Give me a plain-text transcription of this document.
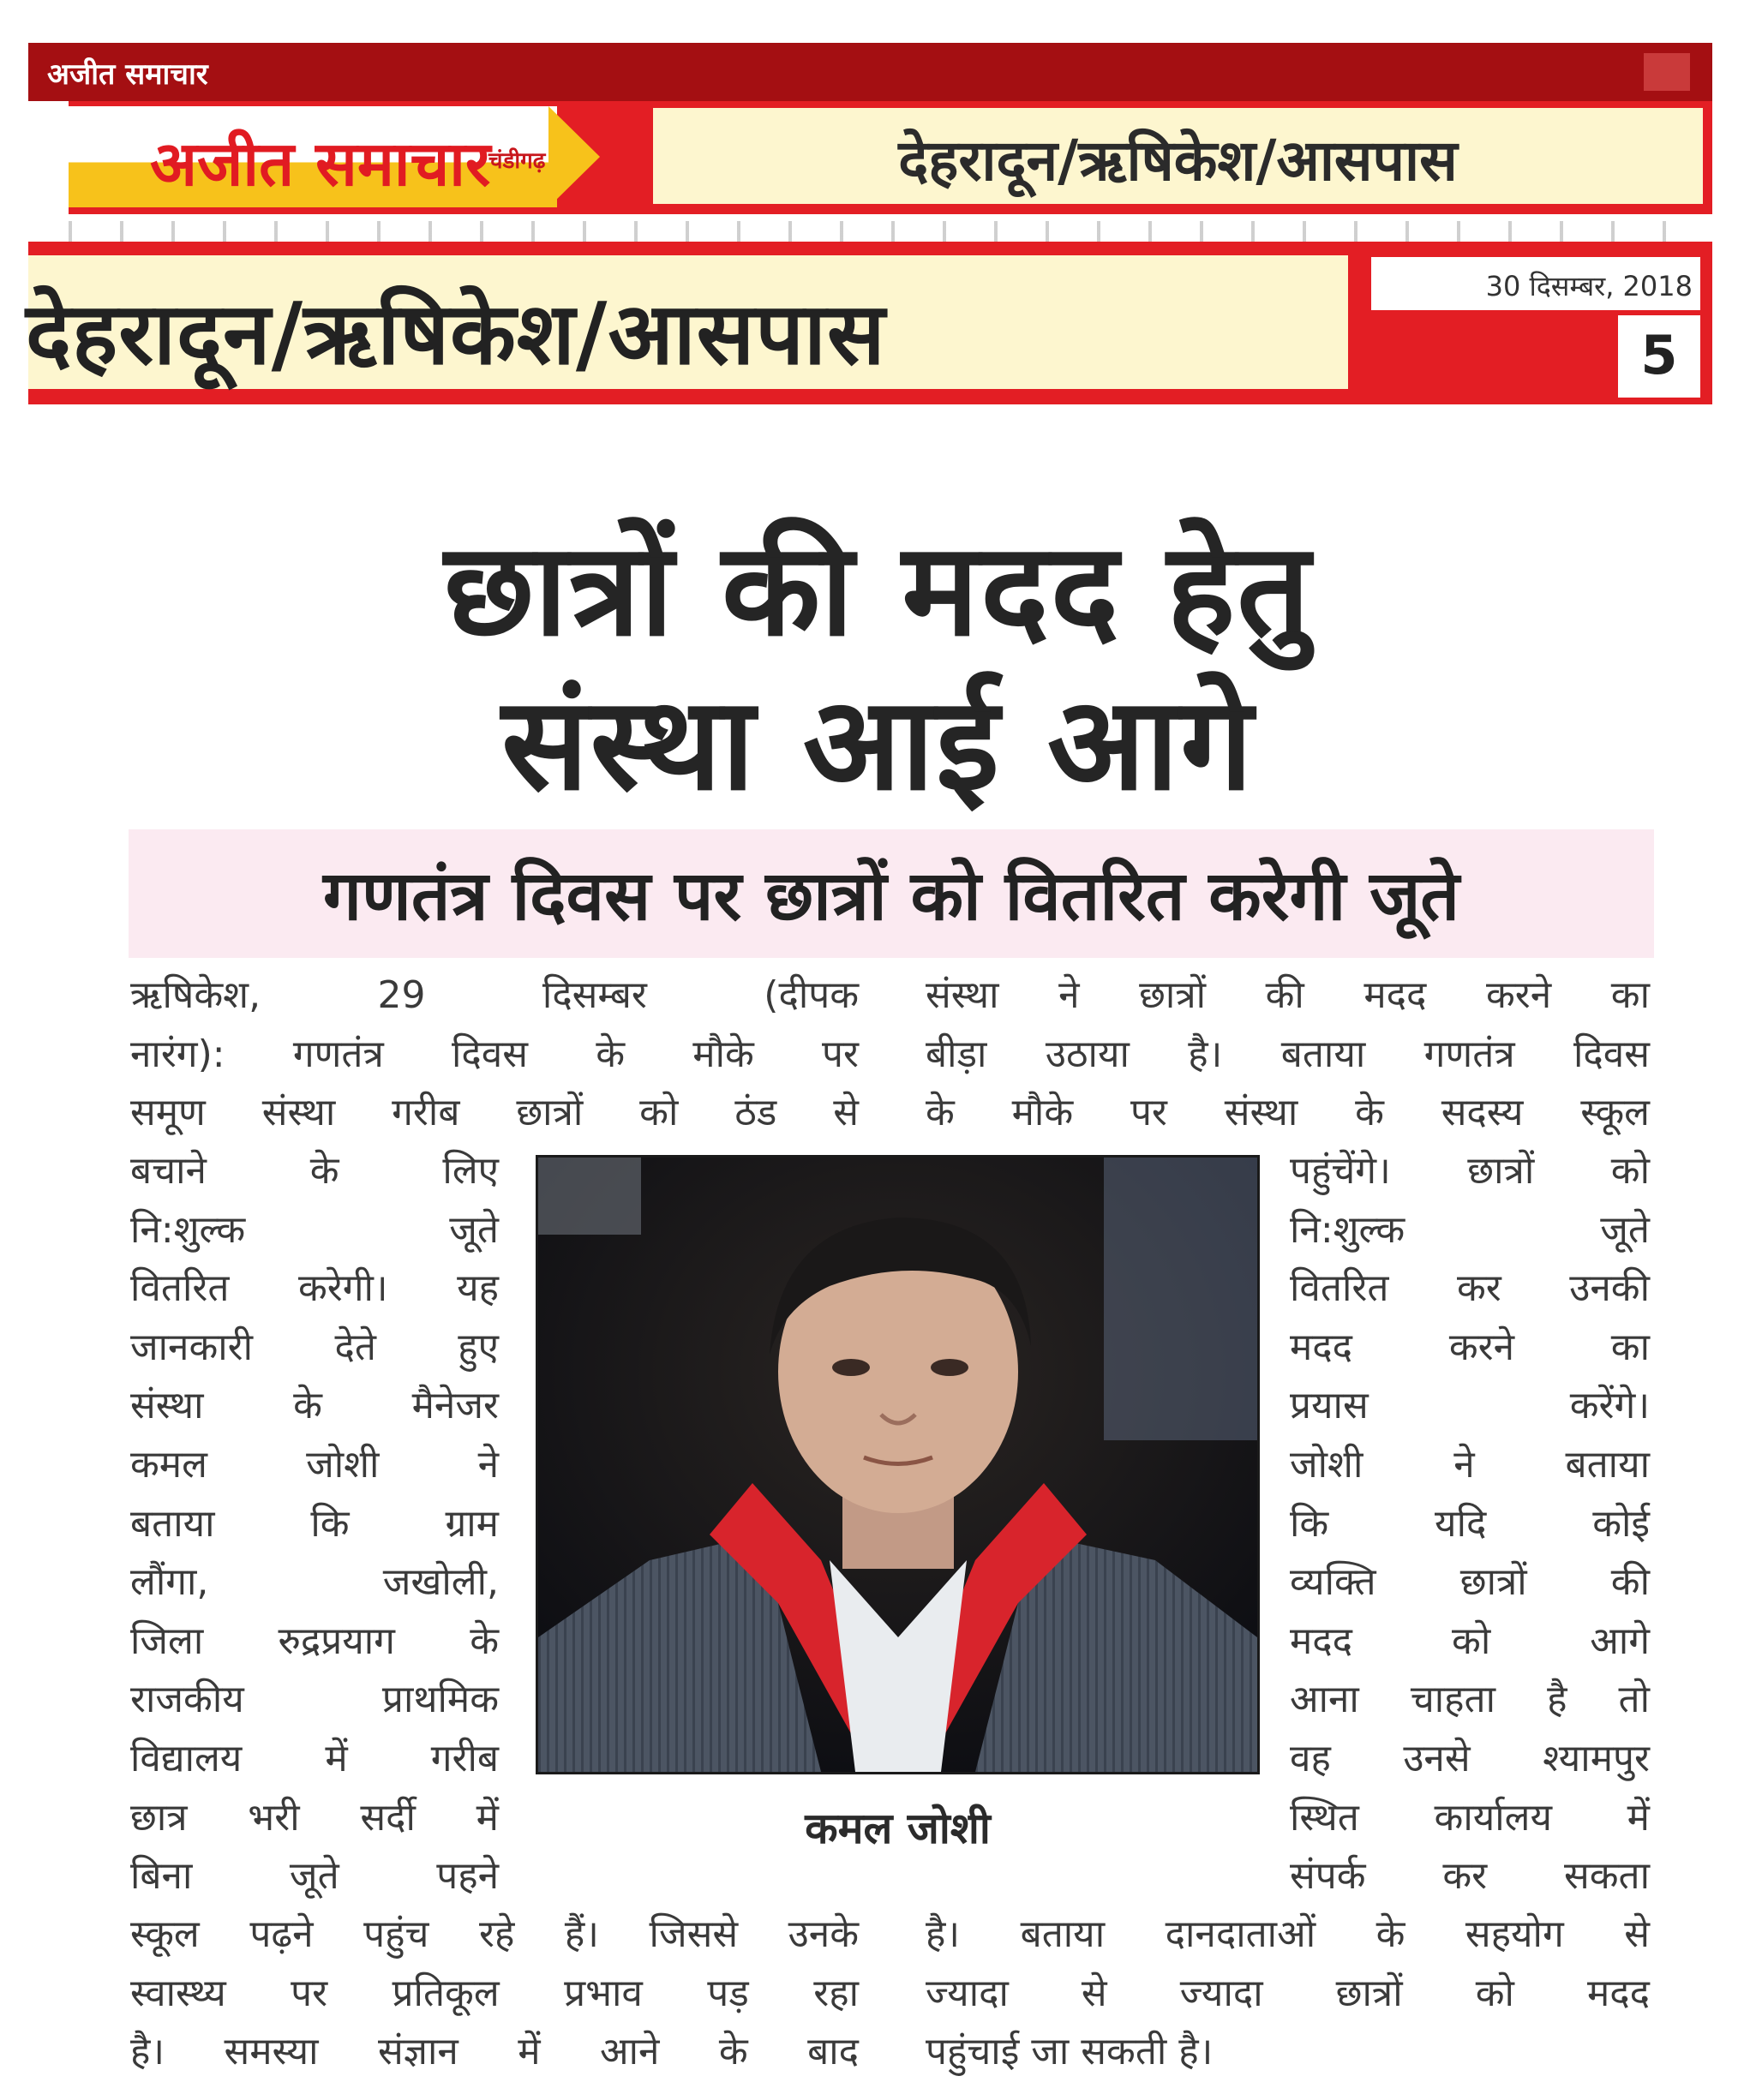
अजीत समाचार
अजीत समाचार
चंडीगढ़	देहरादून/ऋषिकेश/आसपास
देहरादून/ऋषिकेश/आसपास	30 दिसम्बर, 2018
5
छात्रों की मदद हेतु
संस्था आई आगे
गणतंत्र दिवस पर छात्रों को वितरित करेगी जूते
ऋषिकेश, 29 दिसम्बर (दीपक
नारंग): गणतंत्र दिवस के मौके पर
समूण संस्था गरीब छात्रों को ठंड से
बचाने के लिए
नि:शुल्क जूते
वितरित करेगी। यह
जानकारी देते हुए
संस्था के मैनेजर
कमल जोशी ने
बताया कि ग्राम
लौंगा, जखोली,
जिला रुद्रप्रयाग के
राजकीय प्राथमिक
विद्यालय में गरीब
छात्र भरी सर्दी में
बिना जूते पहने
स्कूल पढ़ने पहुंच रहे हैं। जिससे उनके
स्वास्थ्य पर प्रतिकूल प्रभाव पड़ रहा
है। समस्या संज्ञान में आने के बाद
संस्था ने छात्रों की मदद करने का
बीड़ा उठाया है। बताया गणतंत्र दिवस
के मौके पर संस्था के सदस्य स्कूल
पहुंचेंगे। छात्रों को
नि:शुल्क जूते
वितरित कर उनकी
मदद करने का
प्रयास करेंगे।
जोशी ने बताया
कि यदि कोई
व्यक्ति छात्रों की
मदद को आगे
आना चाहता है तो
वह उनसे श्यामपुर
स्थित कार्यालय में
संपर्क कर सकता
है। बताया दानदाताओं के सहयोग से
ज्यादा से ज्यादा छात्रों को मदद
पहुंचाई जा सकती है।
कमल जोशी
